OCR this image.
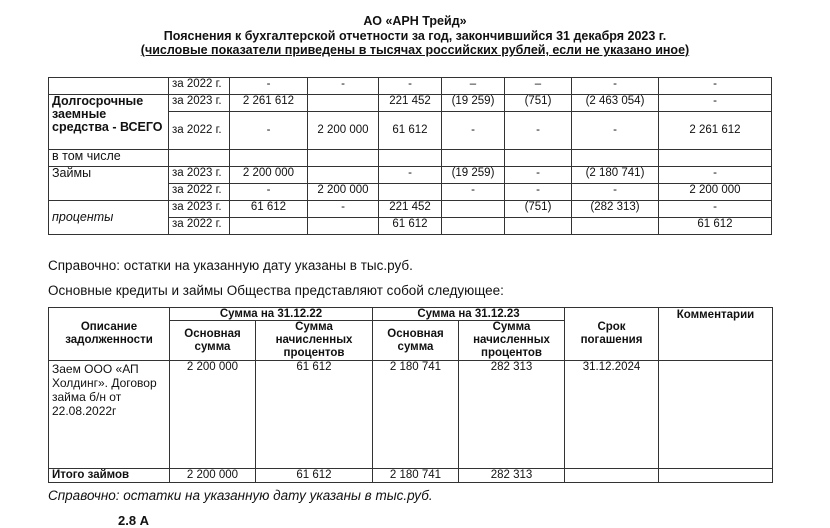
АО «АРН Трейд»
Пояснения к бухгалтерской отчетности за год, закончившийся 31 декабря 2023 г.
(числовые показатели приведены в тысячах российских рублей, если не указано иное)
	за 2022 г.	-	-	-	–	–	-	-
Долгосрочные заемные средства - ВСЕГО	за 2023 г.	2 261 612		221 452	(19 259)	(751)	(2 463 054)	-
	за 2022 г.	-	2 200 000	61 612	-	-	-	2 261 612
в том числе								
Займы	за 2023 г.	2 200 000		-	(19 259)	-	(2 180 741)	-
	за 2022 г.	-	2 200 000		-	-	-	2 200 000
проценты	за 2023 г.	61 612	-	221 452		(751)	(282 313)	-
	за 2022 г.			61 612				61 612
Справочно: остатки на указанную дату указаны в тыс.руб.
Основные кредиты и займы Общества представляют собой следующее:
Описание задолженности	Сумма на 31.12.22		Сумма на 31.12.23		Срок погашения	Комментарии
	Основная сумма	Сумма начисленных процентов	Основная сумма	Сумма начисленных процентов		
Заем ООО «АП Холдинг». Договор займа б/н от 22.08.2022г	2 200 000	61 612	2 180 741	282 313	31.12.2024	
Итого займов	2 200 000	61 612	2 180 741	282 313		
Справочно: остатки на указанную дату указаны в тыс.руб.
2.8 А
